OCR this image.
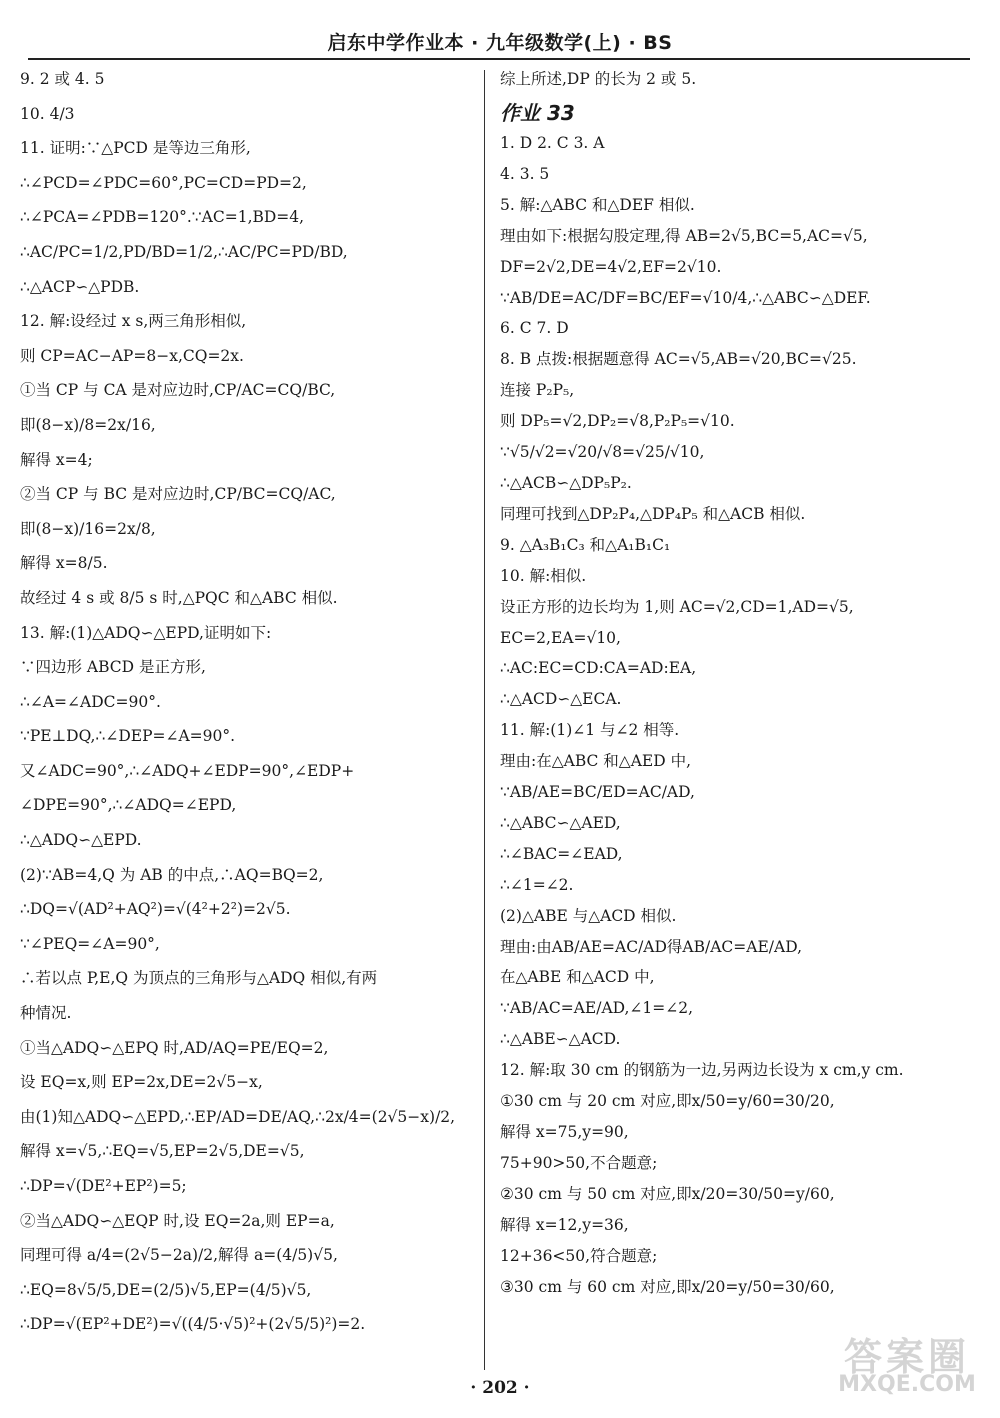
启东中学作业本 · 九年级数学(上) · BS
9. 2 或 4. 5
10. 4/3
11. 证明:∵△PCD 是等边三角形,
∴∠PCD=∠PDC=60°,PC=CD=PD=2,
∴∠PCA=∠PDB=120°.∵AC=1,BD=4,
∴AC/PC=1/2,PD/BD=1/2,∴AC/PC=PD/BD,
∴△ACP∽△PDB.
12. 解:设经过 x s,两三角形相似,
则 CP=AC−AP=8−x,CQ=2x.
①当 CP 与 CA 是对应边时,CP/AC=CQ/BC,
即(8−x)/8=2x/16,
解得 x=4;
②当 CP 与 BC 是对应边时,CP/BC=CQ/AC,
即(8−x)/16=2x/8,
解得 x=8/5.
故经过 4 s 或 8/5 s 时,△PQC 和△ABC 相似.
13. 解:(1)△ADQ∽△EPD,证明如下:
∵四边形 ABCD 是正方形,
∴∠A=∠ADC=90°.
∵PE⊥DQ,∴∠DEP=∠A=90°.
又∠ADC=90°,∴∠ADQ+∠EDP=90°,∠EDP+
∠DPE=90°,∴∠ADQ=∠EPD,
∴△ADQ∽△EPD.
(2)∵AB=4,Q 为 AB 的中点,∴AQ=BQ=2,
∴DQ=√(AD²+AQ²)=√(4²+2²)=2√5.
∵∠PEQ=∠A=90°,
∴若以点 P,E,Q 为顶点的三角形与△ADQ 相似,有两
种情况.
①当△ADQ∽△EPQ 时,AD/AQ=PE/EQ=2,
设 EQ=x,则 EP=2x,DE=2√5−x,
由(1)知△ADQ∽△EPD,∴EP/AD=DE/AQ,∴2x/4=(2√5−x)/2,
解得 x=√5,∴EQ=√5,EP=2√5,DE=√5,
∴DP=√(DE²+EP²)=5;
②当△ADQ∽△EQP 时,设 EQ=2a,则 EP=a,
同理可得 a/4=(2√5−2a)/2,解得 a=(4/5)√5,
∴EQ=8√5/5,DE=(2/5)√5,EP=(4/5)√5,
∴DP=√(EP²+DE²)=√((4/5·√5)²+(2√5/5)²)=2.
综上所述,DP 的长为 2 或 5.
作业 33
1. D 2. C 3. A
4. 3. 5
5. 解:△ABC 和△DEF 相似.
理由如下:根据勾股定理,得 AB=2√5,BC=5,AC=√5,
DF=2√2,DE=4√2,EF=2√10.
∵AB/DE=AC/DF=BC/EF=√10/4,∴△ABC∽△DEF.
6. C 7. D
8. B 点拨:根据题意得 AC=√5,AB=√20,BC=√25.
连接 P₂P₅,
则 DP₅=√2,DP₂=√8,P₂P₅=√10.
∵√5/√2=√20/√8=√25/√10,
∴△ACB∽△DP₅P₂.
同理可找到△DP₂P₄,△DP₄P₅ 和△ACB 相似.
9. △A₃B₁C₃ 和△A₁B₁C₁
10. 解:相似.
设正方形的边长均为 1,则 AC=√2,CD=1,AD=√5,
EC=2,EA=√10,
∴AC:EC=CD:CA=AD:EA,
∴△ACD∽△ECA.
11. 解:(1)∠1 与∠2 相等.
理由:在△ABC 和△AED 中,
∵AB/AE=BC/ED=AC/AD,
∴△ABC∽△AED,
∴∠BAC=∠EAD,
∴∠1=∠2.
(2)△ABE 与△ACD 相似.
理由:由AB/AE=AC/AD得AB/AC=AE/AD,
在△ABE 和△ACD 中,
∵AB/AC=AE/AD,∠1=∠2,
∴△ABE∽△ACD.
12. 解:取 30 cm 的钢筋为一边,另两边长设为 x cm,y cm.
①30 cm 与 20 cm 对应,即x/50=y/60=30/20,
解得 x=75,y=90,
75+90>50,不合题意;
②30 cm 与 50 cm 对应,即x/20=30/50=y/60,
解得 x=12,y=36,
12+36<50,符合题意;
③30 cm 与 60 cm 对应,即x/20=y/50=30/60,
· 202 ·
答案圈
MXQE.COM
